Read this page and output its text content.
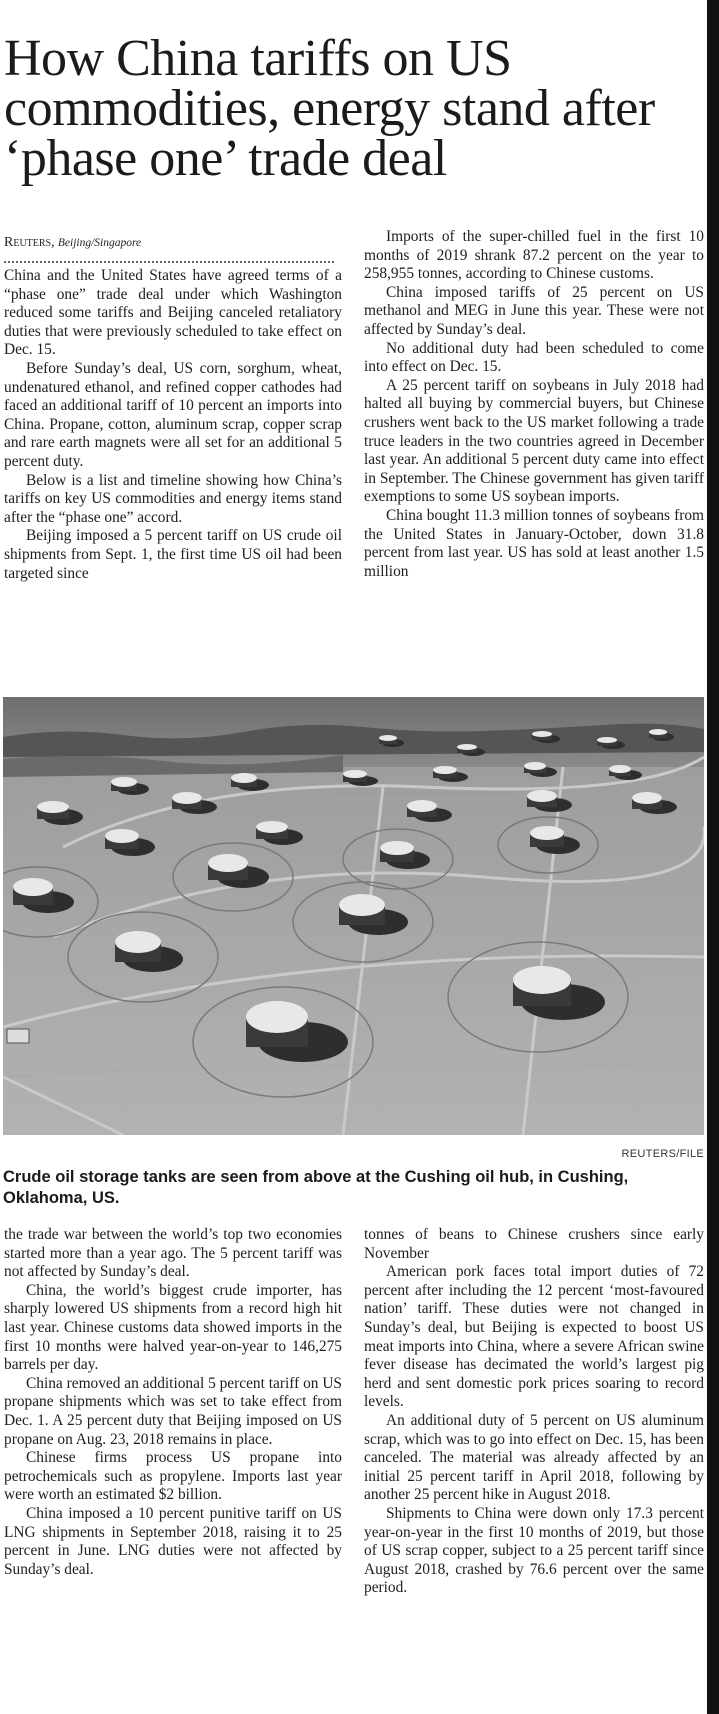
How China tariffs on US commodities, energy stand after ‘phase one’ trade deal
Reuters, Beijing/Singapore

China and the United States have agreed terms of a “phase one” trade deal under which Washington reduced some tariffs and Beijing canceled retaliatory duties that were previously scheduled to take effect on Dec. 15.

Before Sunday’s deal, US corn, sorghum, wheat, undenatured ethanol, and refined copper cathodes had faced an additional tariff of 10 percent an imports into China. Propane, cotton, aluminum scrap, copper scrap and rare earth magnets were all set for an additional 5 percent duty.

Below is a list and timeline showing how China’s tariffs on key US commodities and energy items stand after the “phase one” accord.

Beijing imposed a 5 percent tariff on US crude oil shipments from Sept. 1, the first time US oil had been targeted since

Imports of the super-chilled fuel in the first 10 months of 2019 shrank 87.2 percent on the year to 258,955 tonnes, according to Chinese customs.

China imposed tariffs of 25 percent on US methanol and MEG in June this year. These were not affected by Sunday’s deal.

No additional duty had been scheduled to come into effect on Dec. 15.

A 25 percent tariff on soybeans in July 2018 had halted all buying by commercial buyers, but Chinese crushers went back to the US market following a trade truce leaders in the two countries agreed in December last year. An additional 5 percent duty came into effect in September. The Chinese government has given tariff exemptions to some US soybean imports.

China bought 11.3 million tonnes of soybeans from the United States in January-October, down 31.8 percent from last year. US has sold at least another 1.5 million

REUTERS/FILE
Crude oil storage tanks are seen from above at the Cushing oil hub, in Cushing, Oklahoma, US.

the trade war between the world’s top two economies started more than a year ago. The 5 percent tariff was not affected by Sunday’s deal.

China, the world’s biggest crude importer, has sharply lowered US shipments from a record high hit last year. Chinese customs data showed imports in the first 10 months were halved year-on-year to 146,275 barrels per day.

China removed an additional 5 percent tariff on US propane shipments which was set to take effect from Dec. 1. A 25 percent duty that Beijing imposed on US propane on Aug. 23, 2018 remains in place.

Chinese firms process US propane into petrochemicals such as propylene. Imports last year were worth an estimated $2 billion.

China imposed a 10 percent punitive tariff on US LNG shipments in September 2018, raising it to 25 percent in June. LNG duties were not affected by Sunday’s deal.

tonnes of beans to Chinese crushers since early November

American pork faces total import duties of 72 percent after including the 12 percent ‘most-favoured nation’ tariff. These duties were not changed in Sunday’s deal, but Beijing is expected to boost US meat imports into China, where a severe African swine fever disease has decimated the world’s largest pig herd and sent domestic pork prices soaring to record levels.

An additional duty of 5 percent on US aluminum scrap, which was to go into effect on Dec. 15, has been canceled. The material was already affected by an initial 25 percent tariff in April 2018, following by another 25 percent hike in August 2018.

Shipments to China were down only 17.3 percent year-on-year in the first 10 months of 2019, but those of US scrap copper, subject to a 25 percent tariff since August 2018, crashed by 76.6 percent over the same period.
